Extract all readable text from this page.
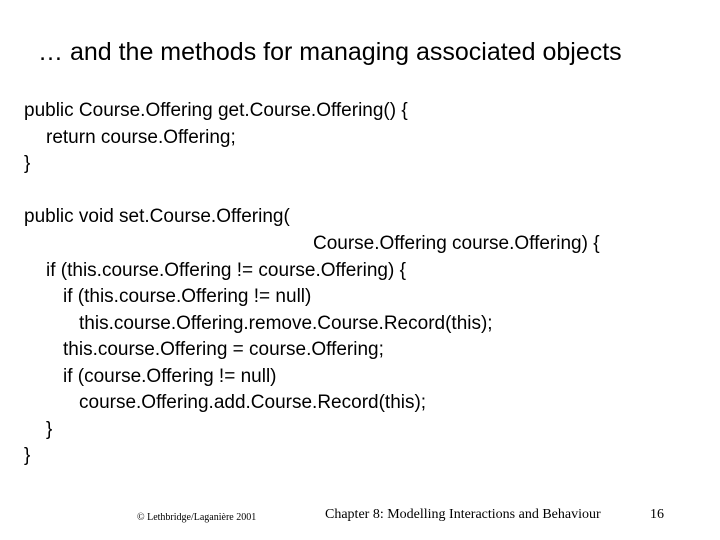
… and the methods for managing associated objects
public Course.Offering get.Course.Offering() {
return course.Offering;
}
public void set.Course.Offering(
Course.Offering course.Offering) {
if (this.course.Offering != course.Offering) {
if (this.course.Offering != null)
this.course.Offering.remove.Course.Record(this);
this.course.Offering = course.Offering;
if (course.Offering != null)
course.Offering.add.Course.Record(this);
}
}
© Lethbridge/Laganière 2001	Chapter 8: Modelling Interactions and Behaviour	16
